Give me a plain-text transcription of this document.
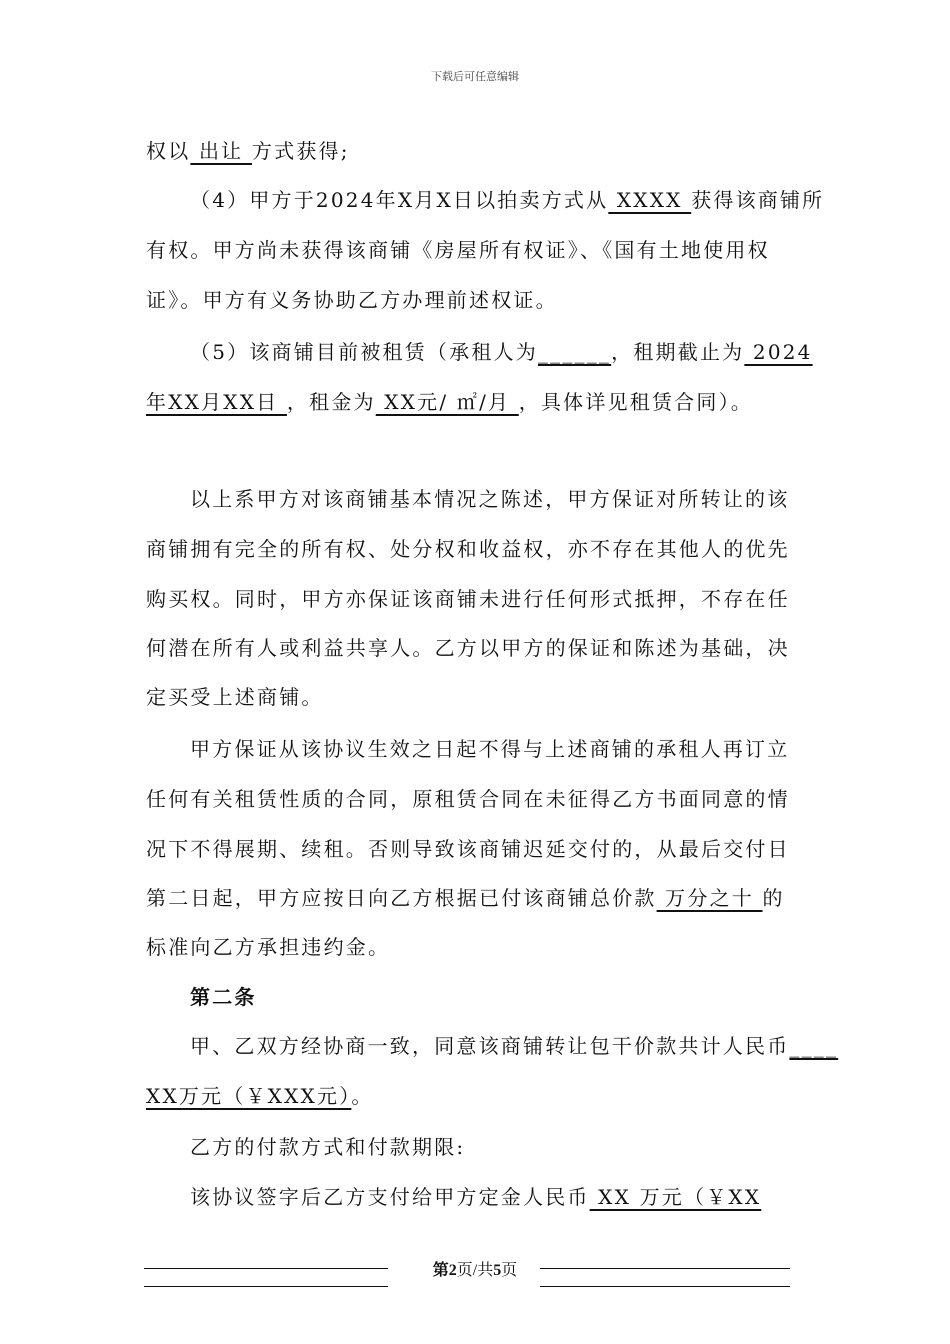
下载后可任意编辑
权以 出让 方式获得;
（4）甲方于2024年X月X日以拍卖方式从 XXXX 获得该商铺所
有权。甲方尚未获得该商铺《房屋所有权证》、《国有土地使用权
证》。甲方有义务协助乙方办理前述权证。
（5）该商铺目前被租赁（承租人为______，租期截止为 2024
年XX月XX日 ，租金为 XX元/ ㎡/月 ，具体详见租赁合同）。
以上系甲方对该商铺基本情况之陈述，甲方保证对所转让的该
商铺拥有完全的所有权、处分权和收益权，亦不存在其他人的优先
购买权。同时，甲方亦保证该商铺未进行任何形式抵押，不存在任
何潜在所有人或利益共享人。乙方以甲方的保证和陈述为基础，决
定买受上述商铺。
甲方保证从该协议生效之日起不得与上述商铺的承租人再订立
任何有关租赁性质的合同，原租赁合同在未征得乙方书面同意的情
况下不得展期、续租。否则导致该商铺迟延交付的，从最后交付日
第二日起，甲方应按日向乙方根据已付该商铺总价款 万分之十 的
标准向乙方承担违约金。
第二条
甲、乙双方经协商一致，同意该商铺转让包干价款共计人民币____
XX万元（￥XXX元）。
乙方的付款方式和付款期限:
该协议签字后乙方支付给甲方定金人民币 XX 万元（￥XX
第2页/共5页
